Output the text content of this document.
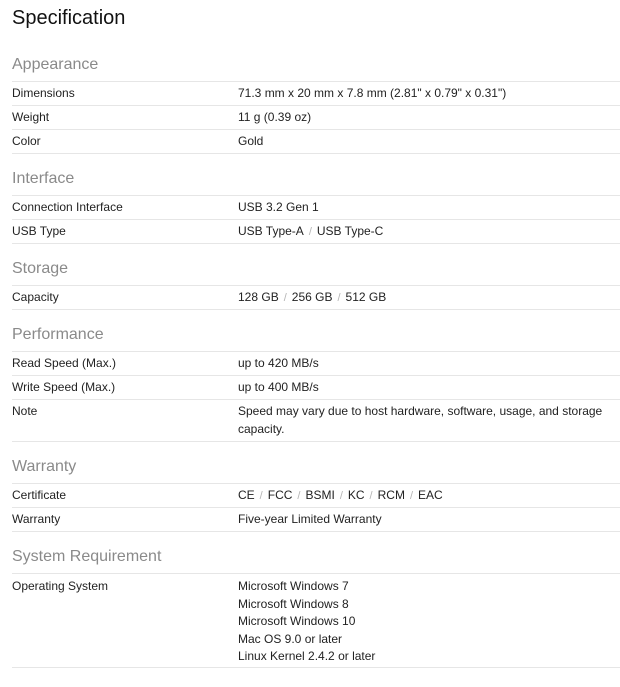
Specification
Appearance
Dimensions	71.3 mm x 20 mm x 7.8 mm (2.81" x 0.79" x 0.31")
Weight	11 g (0.39 oz)
Color	Gold
Interface
Connection Interface	USB 3.2 Gen 1
USB Type	USB Type-A / USB Type-C
Storage
Capacity	128 GB / 256 GB / 512 GB
Performance
Read Speed (Max.)	up to 420 MB/s
Write Speed (Max.)	up to 400 MB/s
Note	Speed may vary due to host hardware, software, usage, and storage capacity.
Warranty
Certificate	CE / FCC / BSMI / KC / RCM / EAC
Warranty	Five-year Limited Warranty
System Requirement
Operating System	Microsoft Windows 7
Microsoft Windows 8
Microsoft Windows 10
Mac OS 9.0 or later
Linux Kernel 2.4.2 or later
